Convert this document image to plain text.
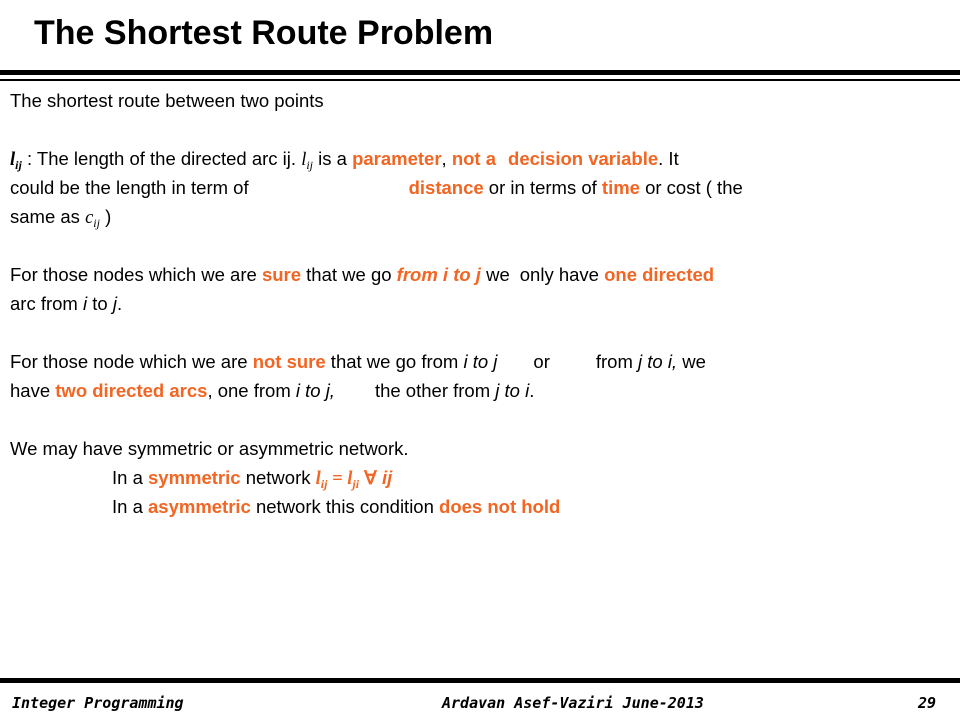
The Shortest Route Problem
The shortest route between two points
$l_{ij}$ : The length of the directed arc ij. $l_{ij}$ is a parameter, not a decision variable. It
could be the length in term of	distance or in terms of time or cost ( the
same as $c_{ij}$ )
For those nodes which we are sure that we go from i to j we only have one directed
arc from i to j.
For those node which we are not sure that we go from i to j or from j to i, we
have two directed arcs, one from i to j, the other from j to i.
We may have symmetric or asymmetric network.
In a symmetric network $l_{ij} = l_{ji}$ ∀ ij
In a asymmetric network this condition does not hold
Integer Programming	Ardavan Asef-Vaziri June-2013	29
